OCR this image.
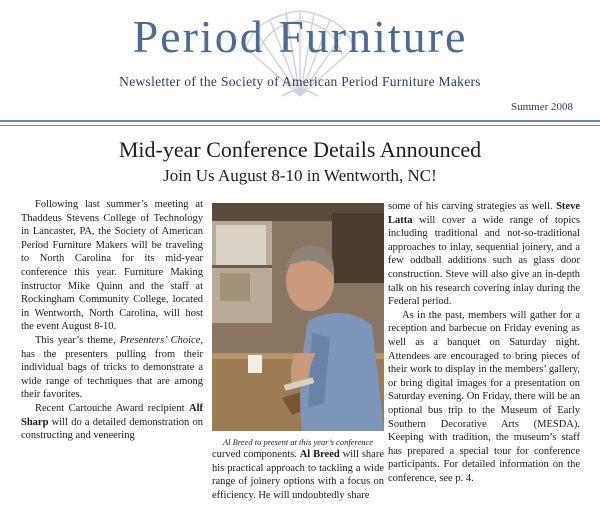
Period Furniture
Newsletter of the Society of American Period Furniture Makers
Summer 2008
Mid-year Conference Details Announced
Join Us August 8-10 in Wentworth, NC!

Following last summer’s meeting at Thaddeus Stevens College of Technology in Lancaster, PA, the Society of American Period Furniture Makers will be traveling to North Carolina for its mid-year conference this year. Furniture Making instructor Mike Quinn and the staff at Rockingham Community College, located in Wentworth, North Carolina, will host the event August 8-10.

This year’s theme, Presenters’ Choice, has the presenters pulling from their individual bags of tricks to demonstrate a wide range of techniques that are among their favorites.

Recent Cartouche Award recipient Alf Sharp will do a detailed demonstration on constructing and veneering

Al Breed to present at this year’s conference

curved components. Al Breed will share his practical approach to tackling a wide range of joinery options with a focus on efficiency. He will undoubtedly share

some of his carving strategies as well. Steve Latta will cover a wide range of topics including traditional and not-so-traditional approaches to inlay, sequential joinery, and a few oddball additions such as glass door construction. Steve will also give an in-depth talk on his research covering inlay during the Federal period.

As in the past, members will gather for a reception and barbecue on Friday evening as well as a banquet on Saturday night. Attendees are encouraged to bring pieces of their work to display in the members’ gallery, or bring digital images for a presentation on Saturday evening. On Friday, there will be an optional bus trip to the Museum of Early Southern Decorative Arts (MESDA). Keeping with tradition, the museum’s staff has prepared a special tour for conference participants. For detailed information on the conference, see p. 4.
